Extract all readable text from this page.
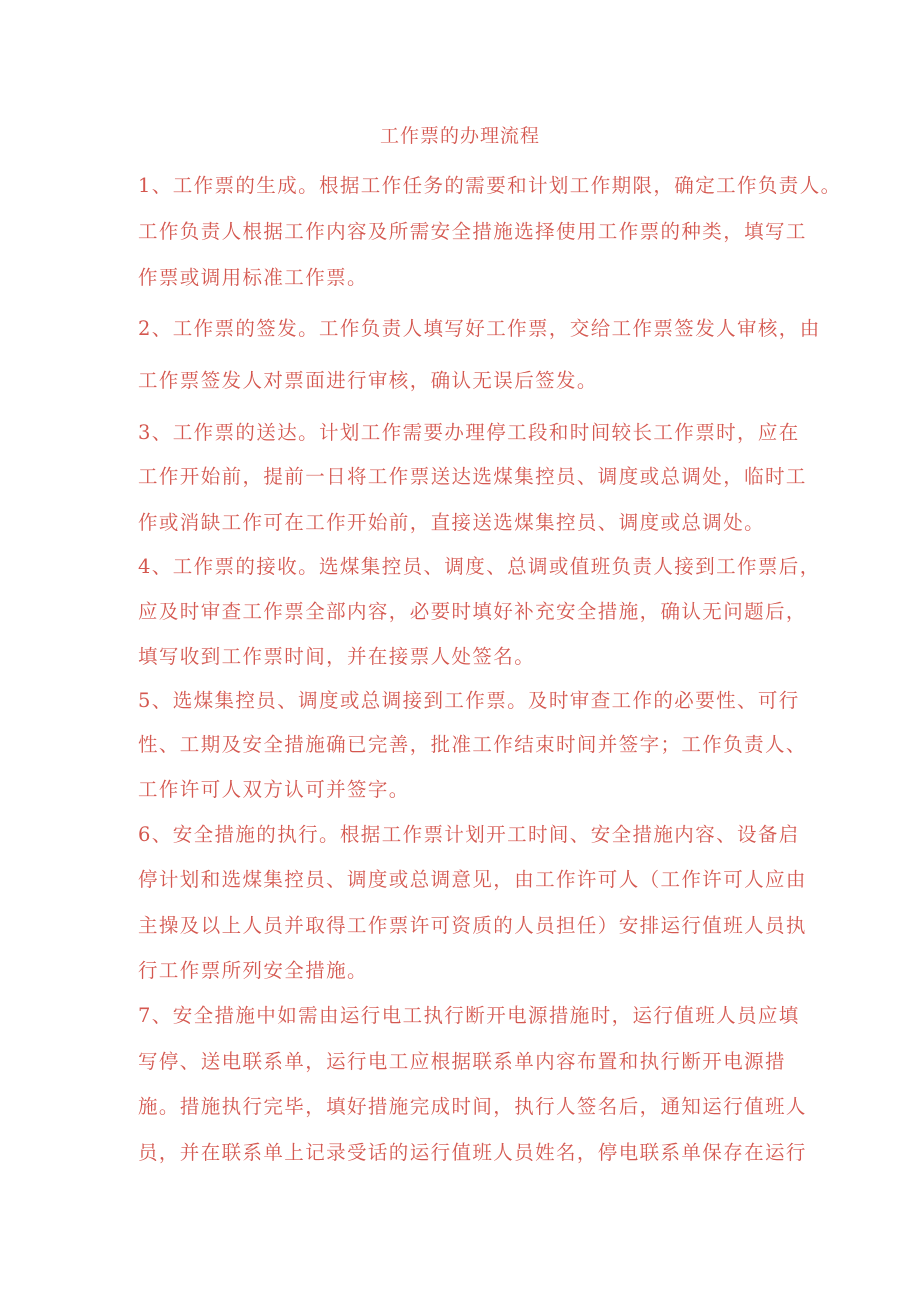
工作票的办理流程
1、工作票的生成。根据工作任务的需要和计划工作期限，确定工作负责人。
工作负责人根据工作内容及所需安全措施选择使用工作票的种类，填写工
作票或调用标准工作票。
2、工作票的签发。工作负责人填写好工作票，交给工作票签发人审核，由
工作票签发人对票面进行审核，确认无误后签发。
3、工作票的送达。计划工作需要办理停工段和时间较长工作票时，应在
工作开始前，提前一日将工作票送达选煤集控员、调度或总调处，临时工
作或消缺工作可在工作开始前，直接送选煤集控员、调度或总调处。
4、工作票的接收。选煤集控员、调度、总调或值班负责人接到工作票后，
应及时审查工作票全部内容，必要时填好补充安全措施，确认无问题后，
填写收到工作票时间，并在接票人处签名。
5、选煤集控员、调度或总调接到工作票。及时审查工作的必要性、可行
性、工期及安全措施确已完善，批准工作结束时间并签字；工作负责人、
工作许可人双方认可并签字。
6、安全措施的执行。根据工作票计划开工时间、安全措施内容、设备启
停计划和选煤集控员、调度或总调意见，由工作许可人（工作许可人应由
主操及以上人员并取得工作票许可资质的人员担任）安排运行值班人员执
行工作票所列安全措施。
7、安全措施中如需由运行电工执行断开电源措施时，运行值班人员应填
写停、送电联系单，运行电工应根据联系单内容布置和执行断开电源措
施。措施执行完毕，填好措施完成时间，执行人签名后，通知运行值班人
员，并在联系单上记录受话的运行值班人员姓名，停电联系单保存在运行
